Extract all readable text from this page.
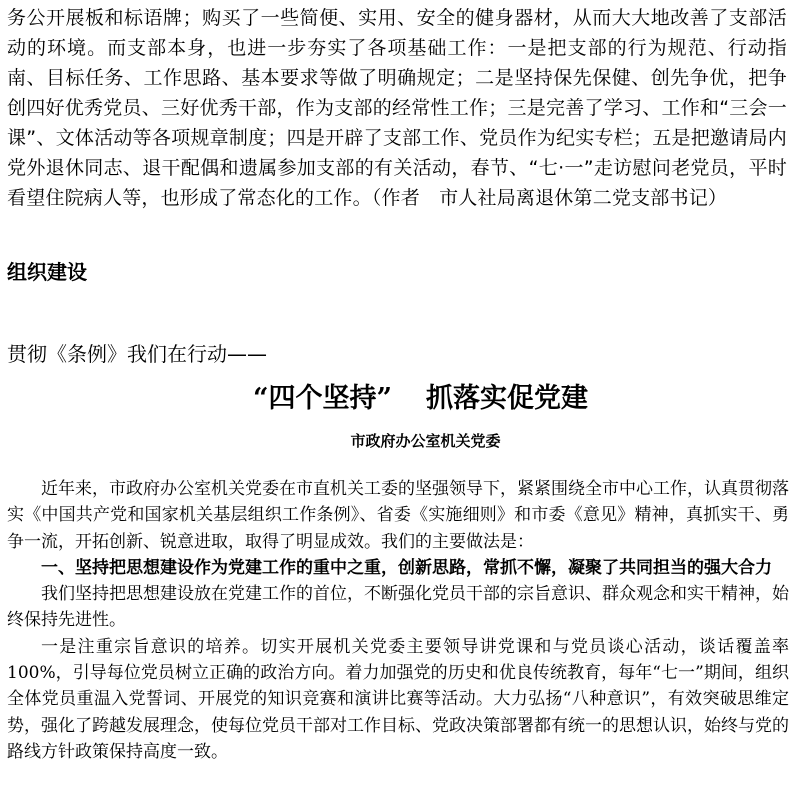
务公开展板和标语牌；购买了一些简便、实用、安全的健身器材，从而大大地改善了支部活动的环境。而支部本身，也进一步夯实了各项基础工作：一是把支部的行为规范、行动指南、目标任务、工作思路、基本要求等做了明确规定；二是坚持保先保健、创先争优，把争创四好优秀党员、三好优秀干部，作为支部的经常性工作；三是完善了学习、工作和“三会一课”、文体活动等各项规章制度；四是开辟了支部工作、党员作为纪实专栏；五是把邀请局内党外退休同志、退干配偶和遗属参加支部的有关活动，春节、“七·一”走访慰问老党员，平时看望住院病人等，也形成了常态化的工作。（作者　市人社局离退休第二党支部书记）

组织建设

贯彻《条例》我们在行动——

“四个坚持” 抓落实促党建

市政府办公室机关党委

近年来，市政府办公室机关党委在市直机关工委的坚强领导下，紧紧围绕全市中心工作，认真贯彻落实《中国共产党和国家机关基层组织工作条例》、省委《实施细则》和市委《意见》精神，真抓实干、勇争一流，开拓创新、锐意进取，取得了明显成效。我们的主要做法是：

一、坚持把思想建设作为党建工作的重中之重，创新思路，常抓不懈，凝聚了共同担当的强大合力

我们坚持把思想建设放在党建工作的首位，不断强化党员干部的宗旨意识、群众观念和实干精神，始终保持先进性。

一是注重宗旨意识的培养。切实开展机关党委主要领导讲党课和与党员谈心活动，谈话覆盖率100%，引导每位党员树立正确的政治方向。着力加强党的历史和优良传统教育，每年“七一”期间，组织全体党员重温入党誓词、开展党的知识竞赛和演讲比赛等活动。大力弘扬“八种意识”，有效突破思维定势，强化了跨越发展理念，使每位党员干部对工作目标、党政决策部署都有统一的思想认识，始终与党的路线方针政策保持高度一致。
